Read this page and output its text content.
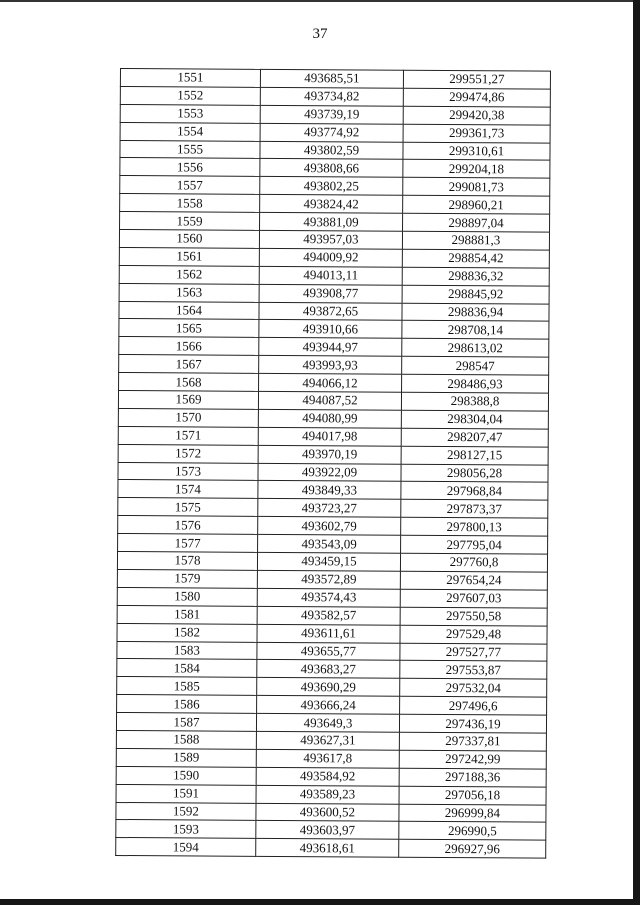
37
1551	493685,51	299551,27
1552	493734,82	299474,86
1553	493739,19	299420,38
1554	493774,92	299361,73
1555	493802,59	299310,61
1556	493808,66	299204,18
1557	493802,25	299081,73
1558	493824,42	298960,21
1559	493881,09	298897,04
1560	493957,03	298881,3
1561	494009,92	298854,42
1562	494013,11	298836,32
1563	493908,77	298845,92
1564	493872,65	298836,94
1565	493910,66	298708,14
1566	493944,97	298613,02
1567	493993,93	298547
1568	494066,12	298486,93
1569	494087,52	298388,8
1570	494080,99	298304,04
1571	494017,98	298207,47
1572	493970,19	298127,15
1573	493922,09	298056,28
1574	493849,33	297968,84
1575	493723,27	297873,37
1576	493602,79	297800,13
1577	493543,09	297795,04
1578	493459,15	297760,8
1579	493572,89	297654,24
1580	493574,43	297607,03
1581	493582,57	297550,58
1582	493611,61	297529,48
1583	493655,77	297527,77
1584	493683,27	297553,87
1585	493690,29	297532,04
1586	493666,24	297496,6
1587	493649,3	297436,19
1588	493627,31	297337,81
1589	493617,8	297242,99
1590	493584,92	297188,36
1591	493589,23	297056,18
1592	493600,52	296999,84
1593	493603,97	296990,5
1594	493618,61	296927,96
